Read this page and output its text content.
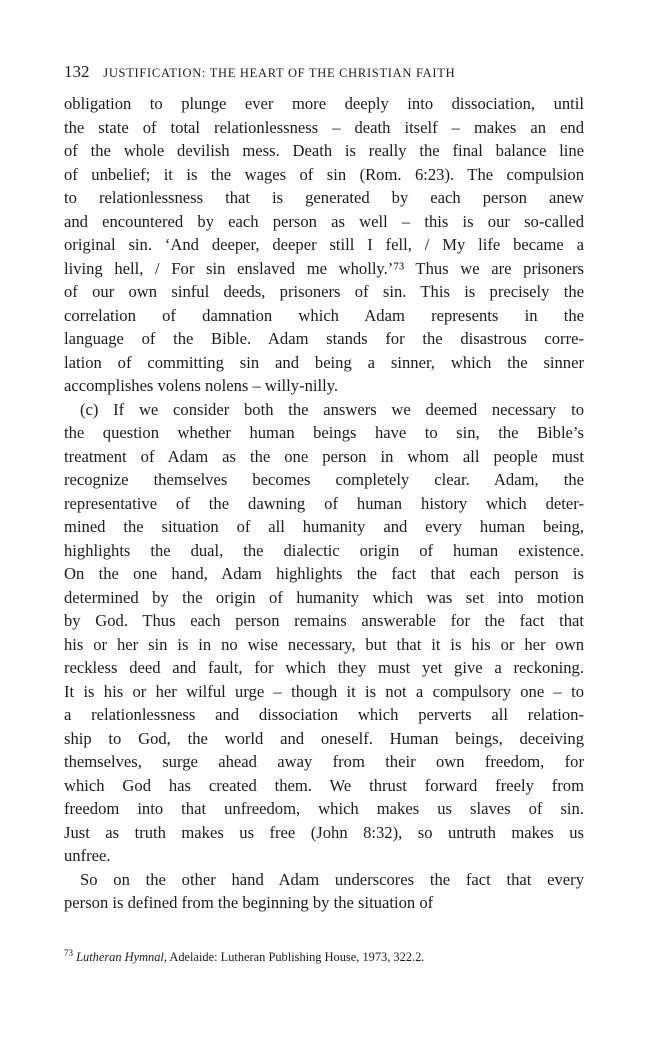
132 JUSTIFICATION: THE HEART OF THE CHRISTIAN FAITH
obligation to plunge ever more deeply into dissociation, until
the state of total relationlessness – death itself – makes an end
of the whole devilish mess. Death is really the final balance line
of unbelief; it is the wages of sin (Rom. 6:23). The compulsion
to relationlessness that is generated by each person anew
and encountered by each person as well – this is our so-called
original sin. ‘And deeper, deeper still I fell, / My life became a
living hell, / For sin enslaved me wholly.’⁷³ Thus we are prisoners
of our own sinful deeds, prisoners of sin. This is precisely the
correlation of damnation which Adam represents in the
language of the Bible. Adam stands for the disastrous corre-
lation of committing sin and being a sinner, which the sinner
accomplishes volens nolens – willy-nilly.
(c) If we consider both the answers we deemed necessary to
the question whether human beings have to sin, the Bible’s
treatment of Adam as the one person in whom all people must
recognize themselves becomes completely clear. Adam, the
representative of the dawning of human history which deter-
mined the situation of all humanity and every human being,
highlights the dual, the dialectic origin of human existence.
On the one hand, Adam highlights the fact that each person is
determined by the origin of humanity which was set into motion
by God. Thus each person remains answerable for the fact that
his or her sin is in no wise necessary, but that it is his or her own
reckless deed and fault, for which they must yet give a reckoning.
It is his or her wilful urge – though it is not a compulsory one – to
a relationlessness and dissociation which perverts all relation-
ship to God, the world and oneself. Human beings, deceiving
themselves, surge ahead away from their own freedom, for
which God has created them. We thrust forward freely from
freedom into that unfreedom, which makes us slaves of sin.
Just as truth makes us free (John 8:32), so untruth makes us
unfree.
So on the other hand Adam underscores the fact that every
person is defined from the beginning by the situation of
$^{73}$ Lutheran Hymnal, Adelaide: Lutheran Publishing House, 1973, 322.2.
